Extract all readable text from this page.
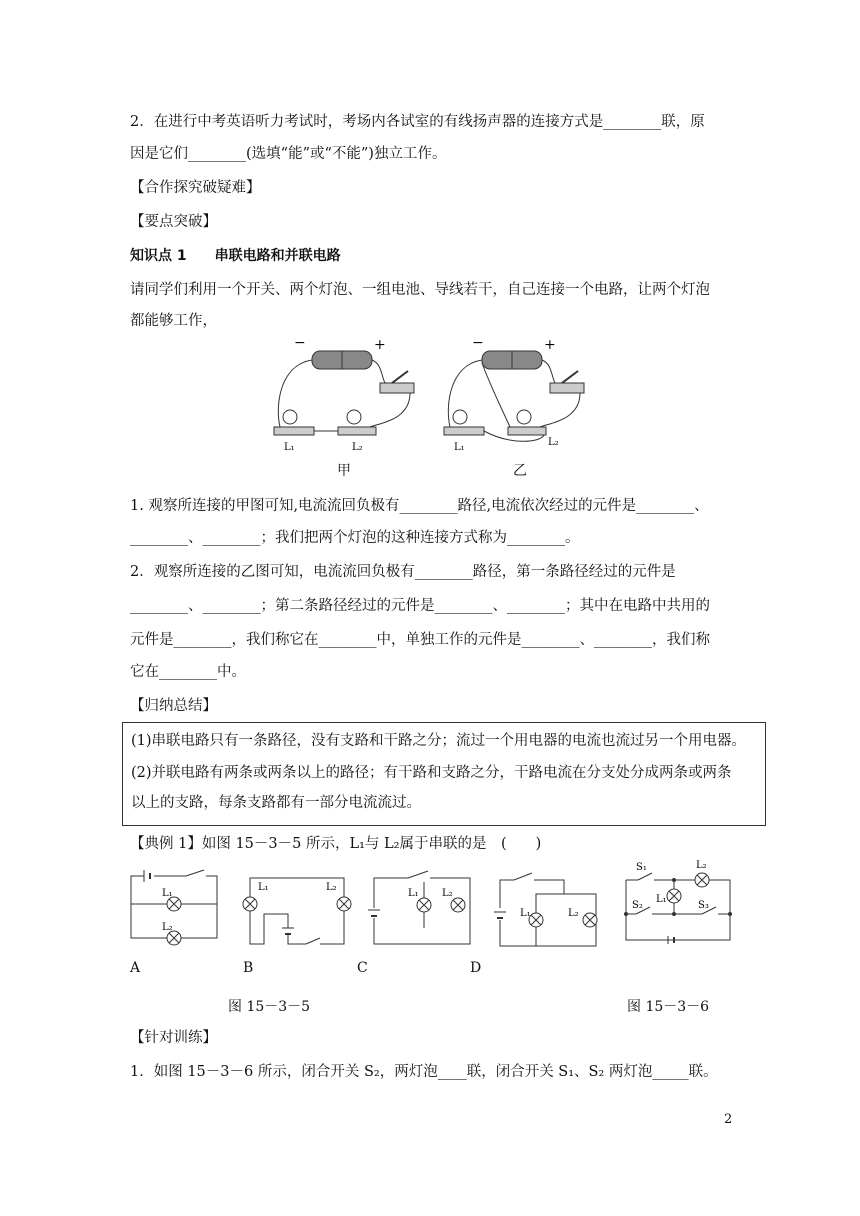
2．在进行中考英语听力考试时，考场内各试室的有线扬声器的连接方式是________联，原
因是它们________(选填“能”或“不能”)独立工作。
【合作探究破疑难】
【要点突破】
知识点 1　　串联电路和并联电路
请同学们利用一个开关、两个灯泡、一组电池、导线若干，自己连接一个电路，让两个灯泡
都能够工作，
−	+
L₁	L₂
甲
−	+
L₁	L₂
乙
1. 观察所连接的甲图可知,电流流回负极有________路径,电流依次经过的元件是________、
________、________；我们把两个灯泡的这种连接方式称为________。
2．观察所连接的乙图可知，电流流回负极有________路径，第一条路径经过的元件是
________、________；第二条路径经过的元件是________、________；其中在电路中共用的
元件是________，我们称它在________中，单独工作的元件是________、________，我们称
它在________中。
【归纳总结】
(1)串联电路只有一条路径，没有支路和干路之分；流过一个用电器的电流也流过另一个用电器。
(2)并联电路有两条或两条以上的路径；有干路和支路之分，干路电流在分支处分成两条或两条
以上的支路，每条支路都有一部分电流流过。
【典例 1】如图 15－3－5 所示，L₁与 L₂属于串联的是　(　　)
L₁
L₂
L₁	L₂
L₁ L₂
L₁	L₂
S₁	L₂
L₁
S₂	S₃
A	B	C	D
图 15－3－5	图 15－3－6
【针对训练】
1．如图 15－3－6 所示，闭合开关 S₂，两灯泡____联，闭合开关 S₁、S₂ 两灯泡_____联。
2
